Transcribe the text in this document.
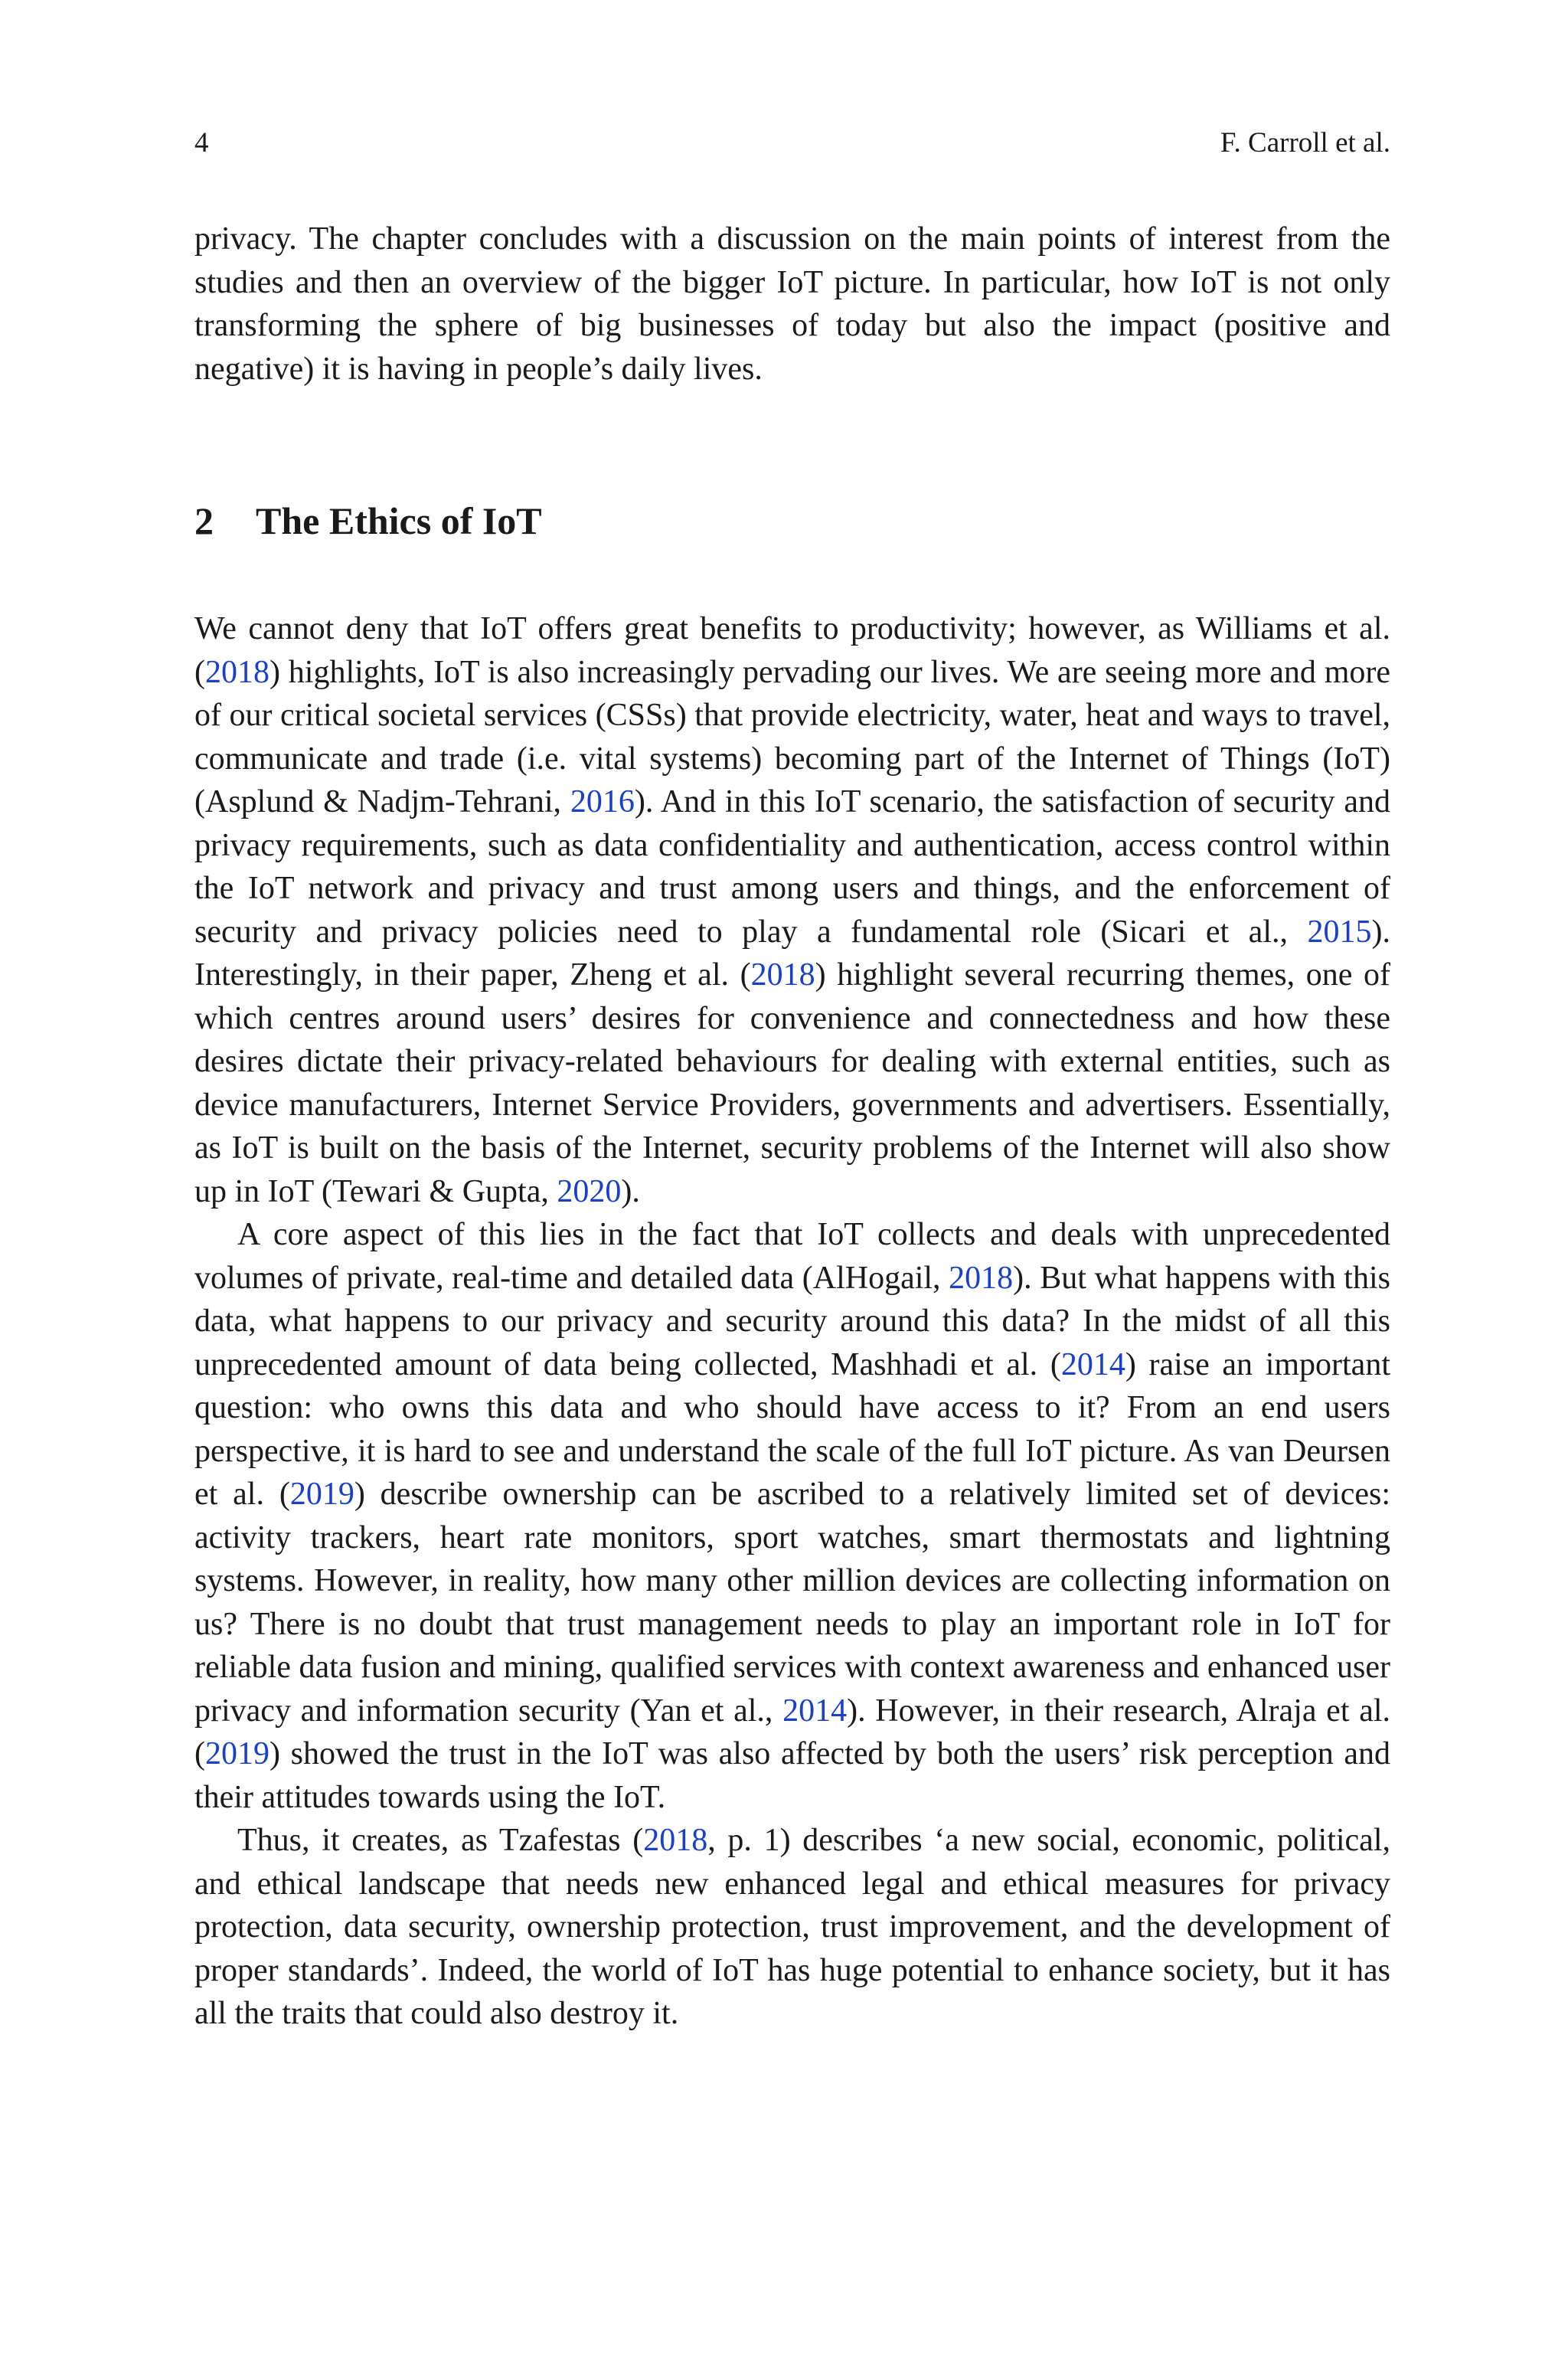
4	F. Carroll et al.

privacy. The chapter concludes with a discussion on the main points of interest from the studies and then an overview of the bigger IoT picture. In particular, how IoT is not only transforming the sphere of big businesses of today but also the impact (positive and negative) it is having in people’s daily lives.

2 The Ethics of IoT

We cannot deny that IoT offers great benefits to productivity; however, as Williams et al. (2018) highlights, IoT is also increasingly pervading our lives. We are seeing more and more of our critical societal services (CSSs) that provide electricity, water, heat and ways to travel, communicate and trade (i.e. vital systems) becoming part of the Internet of Things (IoT) (Asplund & Nadjm-Tehrani, 2016). And in this IoT scenario, the satisfaction of security and privacy requirements, such as data confidentiality and authentication, access control within the IoT network and privacy and trust among users and things, and the enforcement of security and privacy policies need to play a fundamental role (Sicari et al., 2015). Interestingly, in their paper, Zheng et al. (2018) highlight several recurring themes, one of which centres around users’ desires for convenience and connectedness and how these desires dictate their privacy-related behaviours for dealing with external entities, such as device manufacturers, Internet Service Providers, governments and advertisers. Essentially, as IoT is built on the basis of the Internet, security problems of the Internet will also show up in IoT (Tewari & Gupta, 2020).

A core aspect of this lies in the fact that IoT collects and deals with unprecedented volumes of private, real-time and detailed data (AlHogail, 2018). But what happens with this data, what happens to our privacy and security around this data? In the midst of all this unprecedented amount of data being collected, Mashhadi et al. (2014) raise an important question: who owns this data and who should have access to it? From an end users perspective, it is hard to see and understand the scale of the full IoT picture. As van Deursen et al. (2019) describe ownership can be ascribed to a relatively limited set of devices: activity trackers, heart rate monitors, sport watches, smart thermostats and lightning systems. However, in reality, how many other million devices are collecting information on us? There is no doubt that trust management needs to play an important role in IoT for reliable data fusion and mining, qualified services with context awareness and enhanced user privacy and information security (Yan et al., 2014). However, in their research, Alraja et al. (2019) showed the trust in the IoT was also affected by both the users’ risk perception and their attitudes towards using the IoT.

Thus, it creates, as Tzafestas (2018, p. 1) describes ‘a new social, economic, political, and ethical landscape that needs new enhanced legal and ethical measures for privacy protection, data security, ownership protection, trust improvement, and the development of proper standards’. Indeed, the world of IoT has huge potential to enhance society, but it has all the traits that could also destroy it.
